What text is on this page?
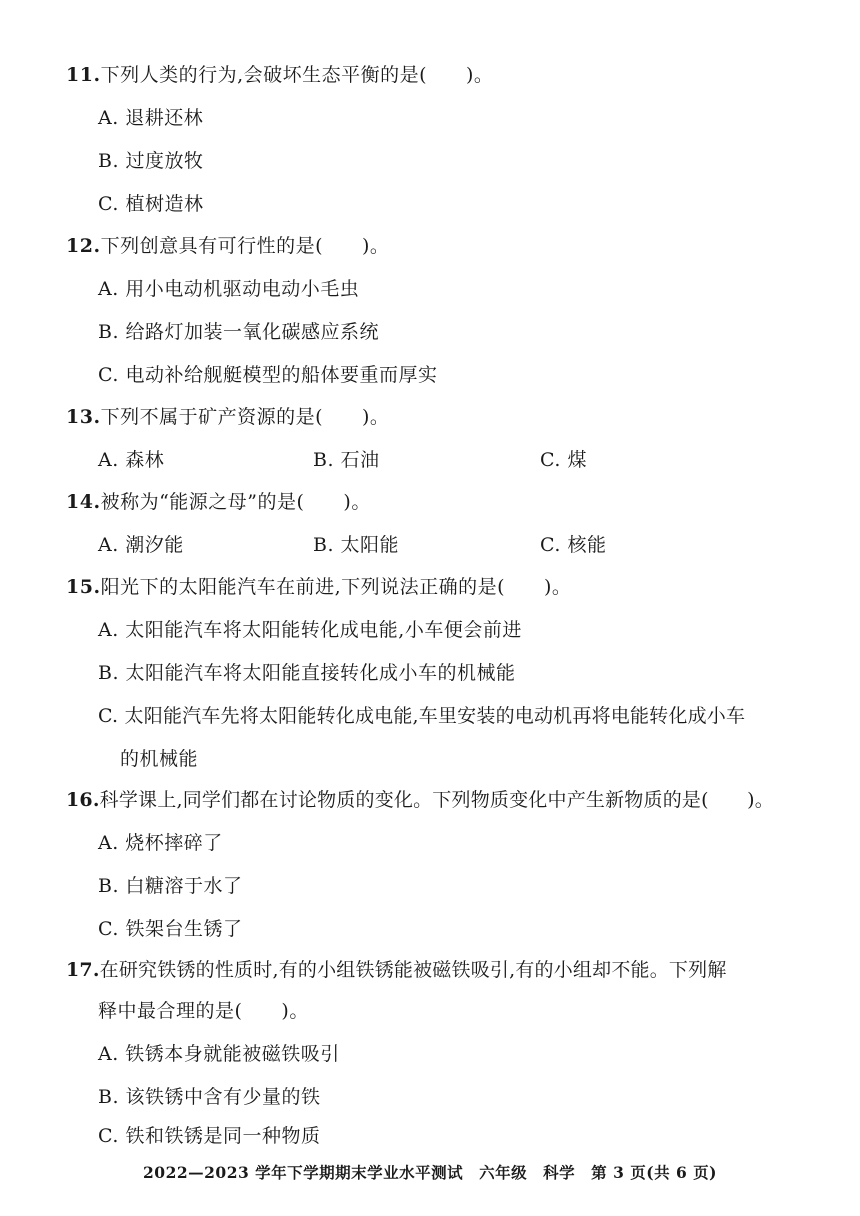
11.下列人类的行为,会破坏生态平衡的是(　　)。
A. 退耕还林
B. 过度放牧
C. 植树造林
12.下列创意具有可行性的是(　　)。
A. 用小电动机驱动电动小毛虫
B. 给路灯加装一氧化碳感应系统
C. 电动补给舰艇模型的船体要重而厚实
13.下列不属于矿产资源的是(　　)。
A. 森林	B. 石油	C. 煤
14.被称为“能源之母”的是(　　)。
A. 潮汐能	B. 太阳能	C. 核能
15.阳光下的太阳能汽车在前进,下列说法正确的是(　　)。
A. 太阳能汽车将太阳能转化成电能,小车便会前进
B. 太阳能汽车将太阳能直接转化成小车的机械能
C. 太阳能汽车先将太阳能转化成电能,车里安装的电动机再将电能转化成小车
的机械能
16.科学课上,同学们都在讨论物质的变化。下列物质变化中产生新物质的是(　　)。
A. 烧杯摔碎了
B. 白糖溶于水了
C. 铁架台生锈了
17.在研究铁锈的性质时,有的小组铁锈能被磁铁吸引,有的小组却不能。下列解
释中最合理的是(　　)。
A. 铁锈本身就能被磁铁吸引
2022—2023 学年下学期期末学业水平测试　六年级　科学　第 3 页(共 6 页)
B. 该铁锈中含有少量的铁
C. 铁和铁锈是同一种物质
